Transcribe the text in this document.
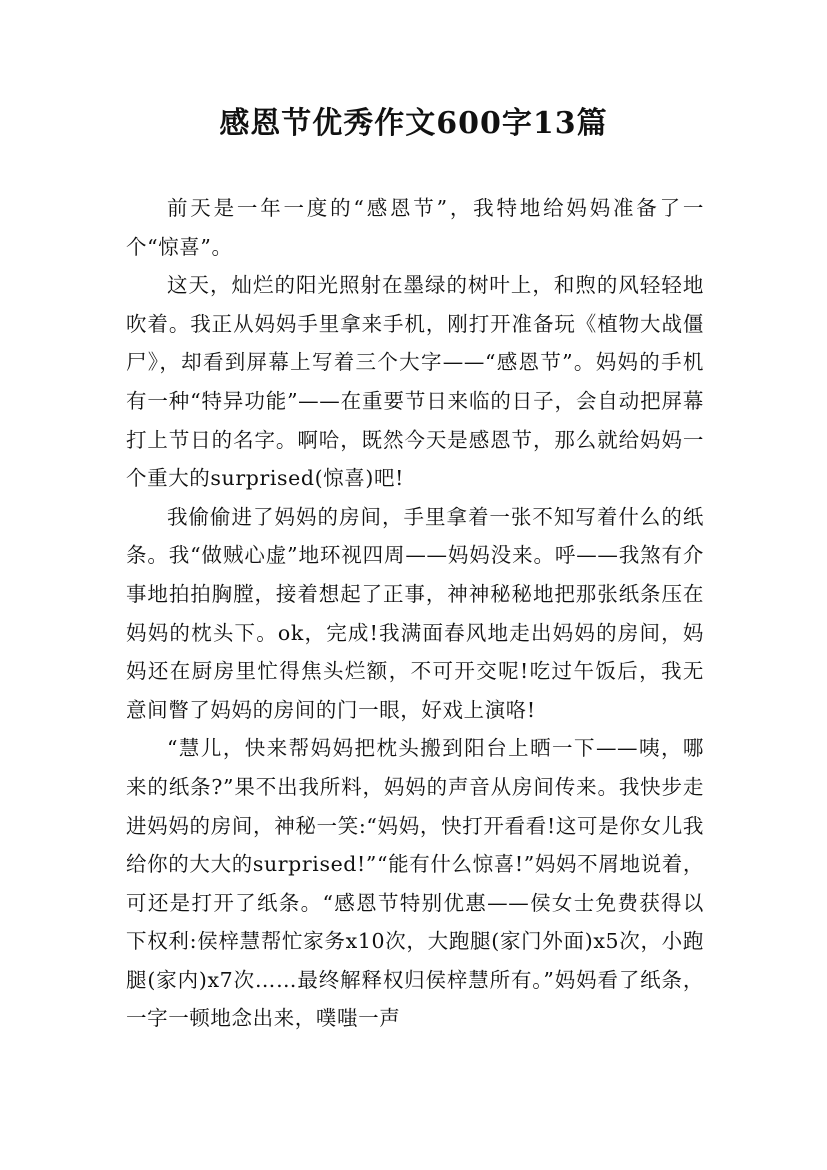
感恩节优秀作文600字13篇

前天是一年一度的“感恩节”，我特地给妈妈准备了一个“惊喜”。

这天，灿烂的阳光照射在墨绿的树叶上，和煦的风轻轻地吹着。我正从妈妈手里拿来手机，刚打开准备玩《植物大战僵尸》，却看到屏幕上写着三个大字——“感恩节”。妈妈的手机有一种“特异功能”——在重要节日来临的日子，会自动把屏幕打上节日的名字。啊哈，既然今天是感恩节，那么就给妈妈一个重大的surprised(惊喜)吧!

我偷偷进了妈妈的房间，手里拿着一张不知写着什么的纸条。我“做贼心虚”地环视四周——妈妈没来。呼——我煞有介事地拍拍胸膛，接着想起了正事，神神秘秘地把那张纸条压在妈妈的枕头下。ok，完成!我满面春风地走出妈妈的房间，妈妈还在厨房里忙得焦头烂额，不可开交呢!吃过午饭后，我无意间瞥了妈妈的房间的门一眼，好戏上演咯!

“慧儿，快来帮妈妈把枕头搬到阳台上晒一下——咦，哪来的纸条?”果不出我所料，妈妈的声音从房间传来。我快步走进妈妈的房间，神秘一笑:“妈妈，快打开看看!这可是你女儿我给你的大大的surprised!”“能有什么惊喜!”妈妈不屑地说着，可还是打开了纸条。“感恩节特别优惠——侯女士免费获得以下权利:侯梓慧帮忙家务x10次，大跑腿(家门外面)x5次，小跑腿(家内)x7次……最终解释权归侯梓慧所有。”妈妈看了纸条，一字一顿地念出来，噗嗤一声
